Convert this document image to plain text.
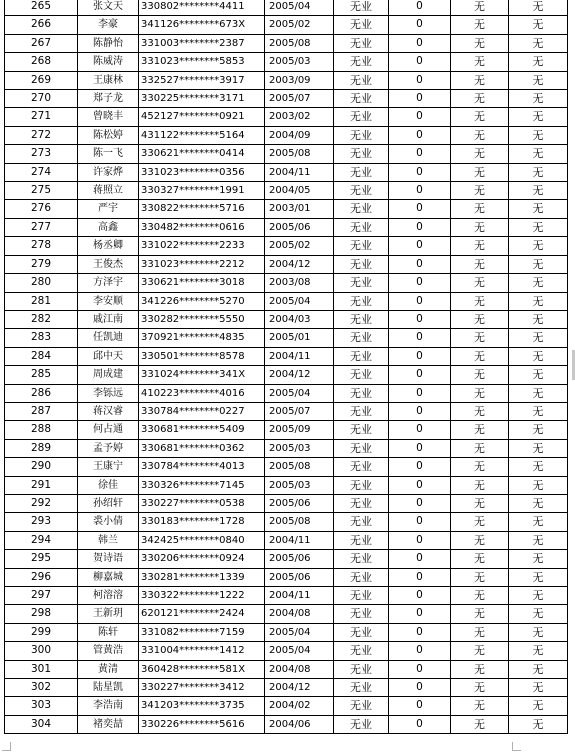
265	张文天	330802********4411	2005/04	无业	0	无	无
266	李豪	341126********673X	2005/02	无业	0	无	无
267	陈静怡	331003********2387	2005/08	无业	0	无	无
268	陈威涛	331023********5853	2005/03	无业	0	无	无
269	王康林	332527********3917	2003/09	无业	0	无	无
270	郑子龙	330225********3171	2005/07	无业	0	无	无
271	曾晓丰	452127********0921	2003/02	无业	0	无	无
272	陈松婷	431122********5164	2004/09	无业	0	无	无
273	陈一飞	330621********0414	2005/08	无业	0	无	无
274	许家烨	331023********0356	2004/11	无业	0	无	无
275	蒋照立	330327********1991	2004/05	无业	0	无	无
276	严宇	330822********5716	2003/01	无业	0	无	无
277	高鑫	330482********0616	2005/06	无业	0	无	无
278	杨丞卿	331022********2233	2005/02	无业	0	无	无
279	王俊杰	331023********2212	2004/12	无业	0	无	无
280	方泽宇	330621********3018	2003/08	无业	0	无	无
281	李安顺	341226********5270	2005/04	无业	0	无	无
282	戚江南	330282********5550	2004/03	无业	0	无	无
283	任凯迪	370921********4835	2005/01	无业	0	无	无
284	邱中天	330501********8578	2004/11	无业	0	无	无
285	周成建	331024********341X	2004/12	无业	0	无	无
286	李铄远	410223********4016	2005/04	无业	0	无	无
287	蒋汉睿	330784********0227	2005/07	无业	0	无	无
288	何占通	330681********5409	2005/09	无业	0	无	无
289	孟予婷	330681********0362	2005/03	无业	0	无	无
290	王康宁	330784********4013	2005/08	无业	0	无	无
291	徐佳	330326********7145	2005/03	无业	0	无	无
292	孙绍轩	330227********0538	2005/06	无业	0	无	无
293	裘小倩	330183********1728	2005/08	无业	0	无	无
294	韩兰	342425********0840	2004/11	无业	0	无	无
295	贺诗语	330206********0924	2005/06	无业	0	无	无
296	柳嘉城	330281********1339	2005/06	无业	0	无	无
297	柯溶溶	330322********1222	2004/11	无业	0	无	无
298	王新玥	620121********2424	2004/08	无业	0	无	无
299	陈轩	331082********7159	2005/04	无业	0	无	无
300	管黄浩	331004********1412	2005/04	无业	0	无	无
301	黄清	360428********581X	2004/08	无业	0	无	无
302	陆星凯	330227********3412	2004/12	无业	0	无	无
303	李浩南	341203********3735	2004/02	无业	0	无	无
304	褚奕喆	330226********5616	2004/06	无业	0	无	无
